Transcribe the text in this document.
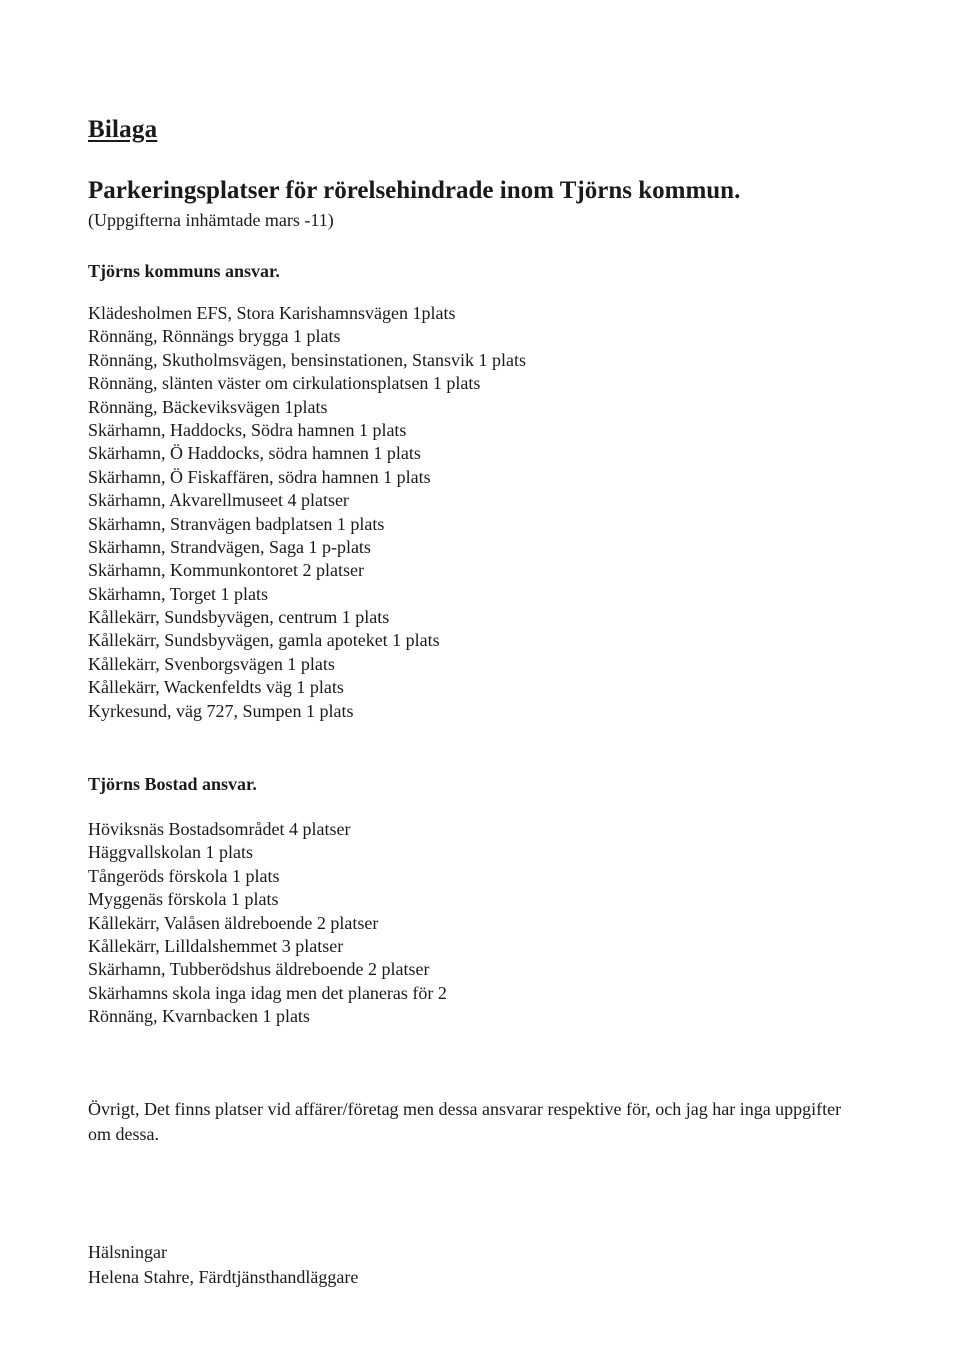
Bilaga
Parkeringsplatser för rörelsehindrade inom Tjörns kommun.
(Uppgifterna inhämtade mars -11)
Tjörns kommuns ansvar.
Klädesholmen EFS, Stora Karishamnsvägen 1plats
Rönnäng, Rönnängs brygga 1 plats
Rönnäng, Skutholmsvägen, bensinstationen, Stansvik 1 plats
Rönnäng, slänten väster om cirkulationsplatsen 1 plats
Rönnäng, Bäckeviksvägen 1plats
Skärhamn, Haddocks, Södra hamnen 1 plats
Skärhamn, Ö Haddocks, södra hamnen 1 plats
Skärhamn, Ö Fiskaffären, södra hamnen 1 plats
Skärhamn, Akvarellmuseet 4 platser
Skärhamn, Stranvägen badplatsen 1 plats
Skärhamn, Strandvägen, Saga 1 p-plats
Skärhamn, Kommunkontoret 2 platser
Skärhamn, Torget 1 plats
Kållekärr, Sundsbyvägen, centrum 1 plats
Kållekärr, Sundsbyvägen, gamla apoteket 1 plats
Kållekärr, Svenborgsvägen 1 plats
Kållekärr, Wackenfeldts väg 1 plats
Kyrkesund, väg 727, Sumpen 1 plats
Tjörns Bostad ansvar.
Höviksnäs Bostadsområdet 4 platser
Häggvallskolan 1 plats
Tångeröds förskola 1 plats
Myggenäs förskola 1 plats
Kållekärr, Valåsen äldreboende 2 platser
Kållekärr, Lilldalshemmet 3 platser
Skärhamn, Tubberödshus äldreboende 2 platser
Skärhamns skola inga idag men det planeras för 2
Rönnäng, Kvarnbacken 1 plats
Övrigt, Det finns platser vid affärer/företag men dessa ansvarar respektive för, och jag har inga uppgifter om dessa.
Hälsningar
Helena Stahre, Färdtjänsthandläggare
